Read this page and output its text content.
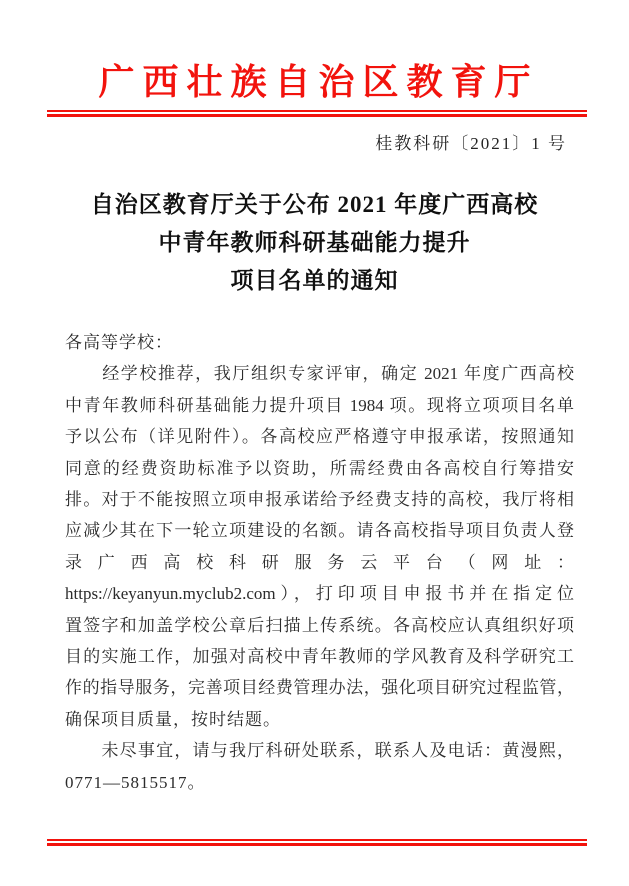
广西壮族自治区教育厅
桂教科研〔2021〕1 号
自治区教育厅关于公布 2021 年度广西高校
中青年教师科研基础能力提升
项目名单的通知
各高等学校：
　　经学校推荐，我厅组织专家评审，确定 2021 年度广西高校
中青年教师科研基础能力提升项目 1984 项。现将立项项目名单
予以公布（详见附件）。各高校应严格遵守申报承诺，按照通知
同意的经费资助标准予以资助，所需经费由各高校自行筹措安
排。对于不能按照立项申报承诺给予经费支持的高校，我厅将相
应减少其在下一轮立项建设的名额。请各高校指导项目负责人登
录广西高校科研服务云平台（网址：
https://keyanyun.myclub2.com），打印项目申报书并在指定位
置签字和加盖学校公章后扫描上传系统。各高校应认真组织好项
目的实施工作，加强对高校中青年教师的学风教育及科学研究工
作的指导服务，完善项目经费管理办法，强化项目研究过程监管，
确保项目质量，按时结题。
　　未尽事宜，请与我厅科研处联系，联系人及电话：黄漫熙，
0771—5815517。
